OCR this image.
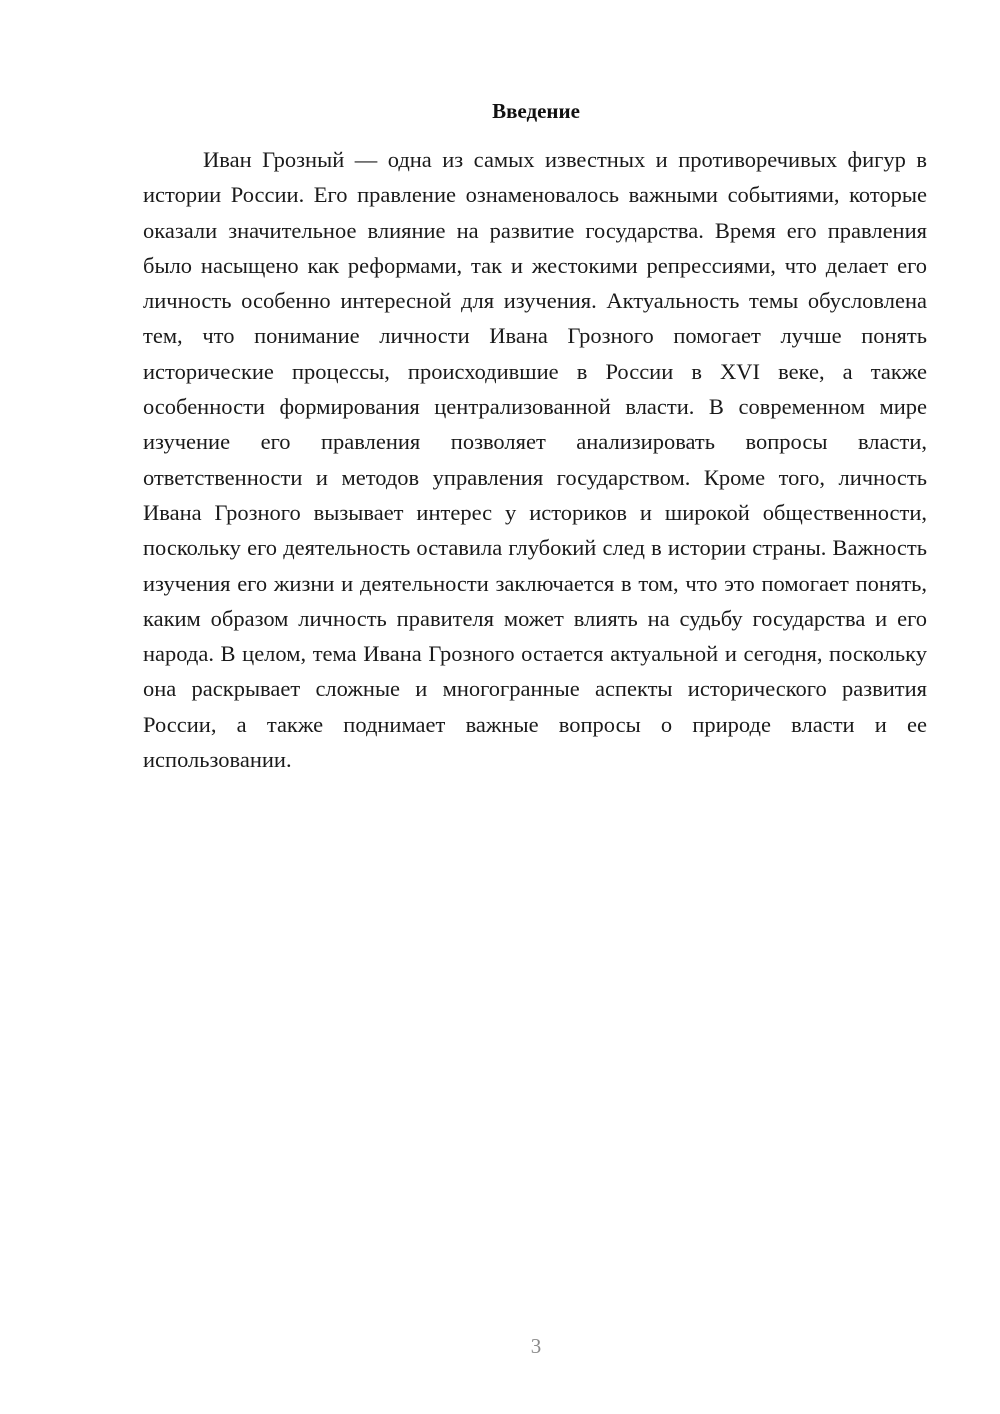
Введение

Иван Грозный — одна из самых известных и противоречивых фигур в истории России. Его правление ознаменовалось важными событиями, которые оказали значительное влияние на развитие государства. Время его правления было насыщено как реформами, так и жестокими репрессиями, что делает его личность особенно интересной для изучения. Актуальность темы обусловлена тем, что понимание личности Ивана Грозного помогает лучше понять исторические процессы, происходившие в России в XVI веке, а также особенности формирования централизованной власти. В современном мире изучение его правления позволяет анализировать вопросы власти, ответственности и методов управления государством. Кроме того, личность Ивана Грозного вызывает интерес у историков и широкой общественности, поскольку его деятельность оставила глубокий след в истории страны. Важность изучения его жизни и деятельности заключается в том, что это помогает понять, каким образом личность правителя может влиять на судьбу государства и его народа. В целом, тема Ивана Грозного остается актуальной и сегодня, поскольку она раскрывает сложные и многогранные аспекты исторического развития России, а также поднимает важные вопросы о природе власти и ее использовании.

3
